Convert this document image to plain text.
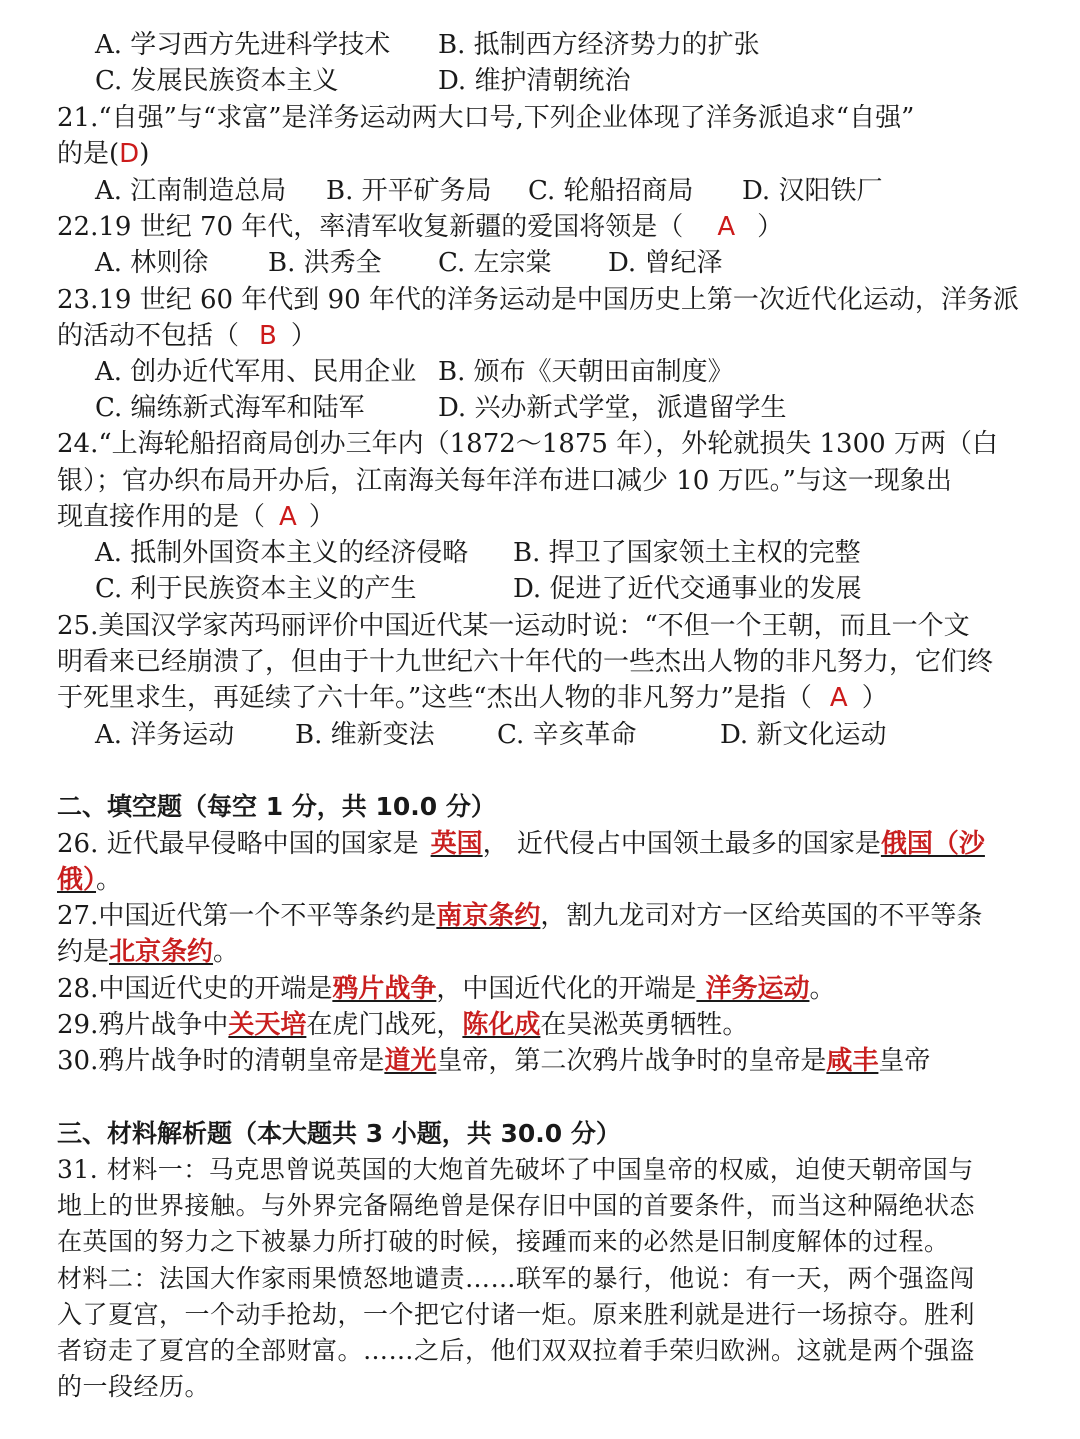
A. 学习西方先进科学技术 B. 抵制西方经济势力的扩张
C. 发展民族资本主义	D. 维护清朝统治
21.“自强”与“求富”是洋务运动两大口号,下列企业体现了洋务派追求“自强”
的是(D)
A. 江南制造总局 B. 开平矿务局 C. 轮船招商局 D. 汉阳铁厂
22.19 世纪 70 年代，率清军收复新疆的爱国将领是（ A ）
A. 林则徐 B. 洪秀全 C. 左宗棠 D. 曾纪泽
23.19 世纪 60 年代到 90 年代的洋务运动是中国历史上第一次近代化运动，洋务派
的活动不包括（ B ）
A. 创办近代军用、民用企业 B. 颁布《天朝田亩制度》
C. 编练新式海军和陆军	D. 兴办新式学堂，派遣留学生
24.“上海轮船招商局创办三年内（1872～1875 年），外轮就损失 1300 万两（白
银）；官办织布局开办后，江南海关每年洋布进口减少 10 万匹。”与这一现象出
现直接作用的是（ A ）
A. 抵制外国资本主义的经济侵略 B. 捍卫了国家领土主权的完整
C. 利于民族资本主义的产生	D. 促进了近代交通事业的发展
25.美国汉学家芮玛丽评价中国近代某一运动时说：“不但一个王朝，而且一个文
明看来已经崩溃了，但由于十九世纪六十年代的一些杰出人物的非凡努力，它们终
于死里求生，再延续了六十年。”这些“杰出人物的非凡努力”是指（ A ）
A. 洋务运动 B. 维新变法 C. 辛亥革命	D. 新文化运动
二、填空题（每空 1 分，共 10.0 分）
26. 近代最早侵略中国的国家是 英国， 近代侵占中国领土最多的国家是俄国（沙
俄）。
27.中国近代第一个不平等条约是南京条约，割九龙司对方一区给英国的不平等条
约是北京条约。
28.中国近代史的开端是鸦片战争，中国近代化的开端是 洋务运动。
29.鸦片战争中关天培在虎门战死，陈化成在吴淞英勇牺牲。
30.鸦片战争时的清朝皇帝是道光皇帝，第二次鸦片战争时的皇帝是咸丰皇帝
三、材料解析题（本大题共 3 小题，共 30.0 分）
31. 材料一：马克思曾说英国的大炮首先破坏了中国皇帝的权威，迫使天朝帝国与
地上的世界接触。与外界完备隔绝曾是保存旧中国的首要条件，而当这种隔绝状态
在英国的努力之下被暴力所打破的时候，接踵而来的必然是旧制度解体的过程。
材料二：法国大作家雨果愤怒地谴责……联军的暴行，他说：有一天，两个强盗闯
入了夏宫，一个动手抢劫，一个把它付诸一炬。原来胜利就是进行一场掠夺。胜利
者窃走了夏宫的全部财富。……之后，他们双双拉着手荣归欧洲。这就是两个强盗
的一段经历。
